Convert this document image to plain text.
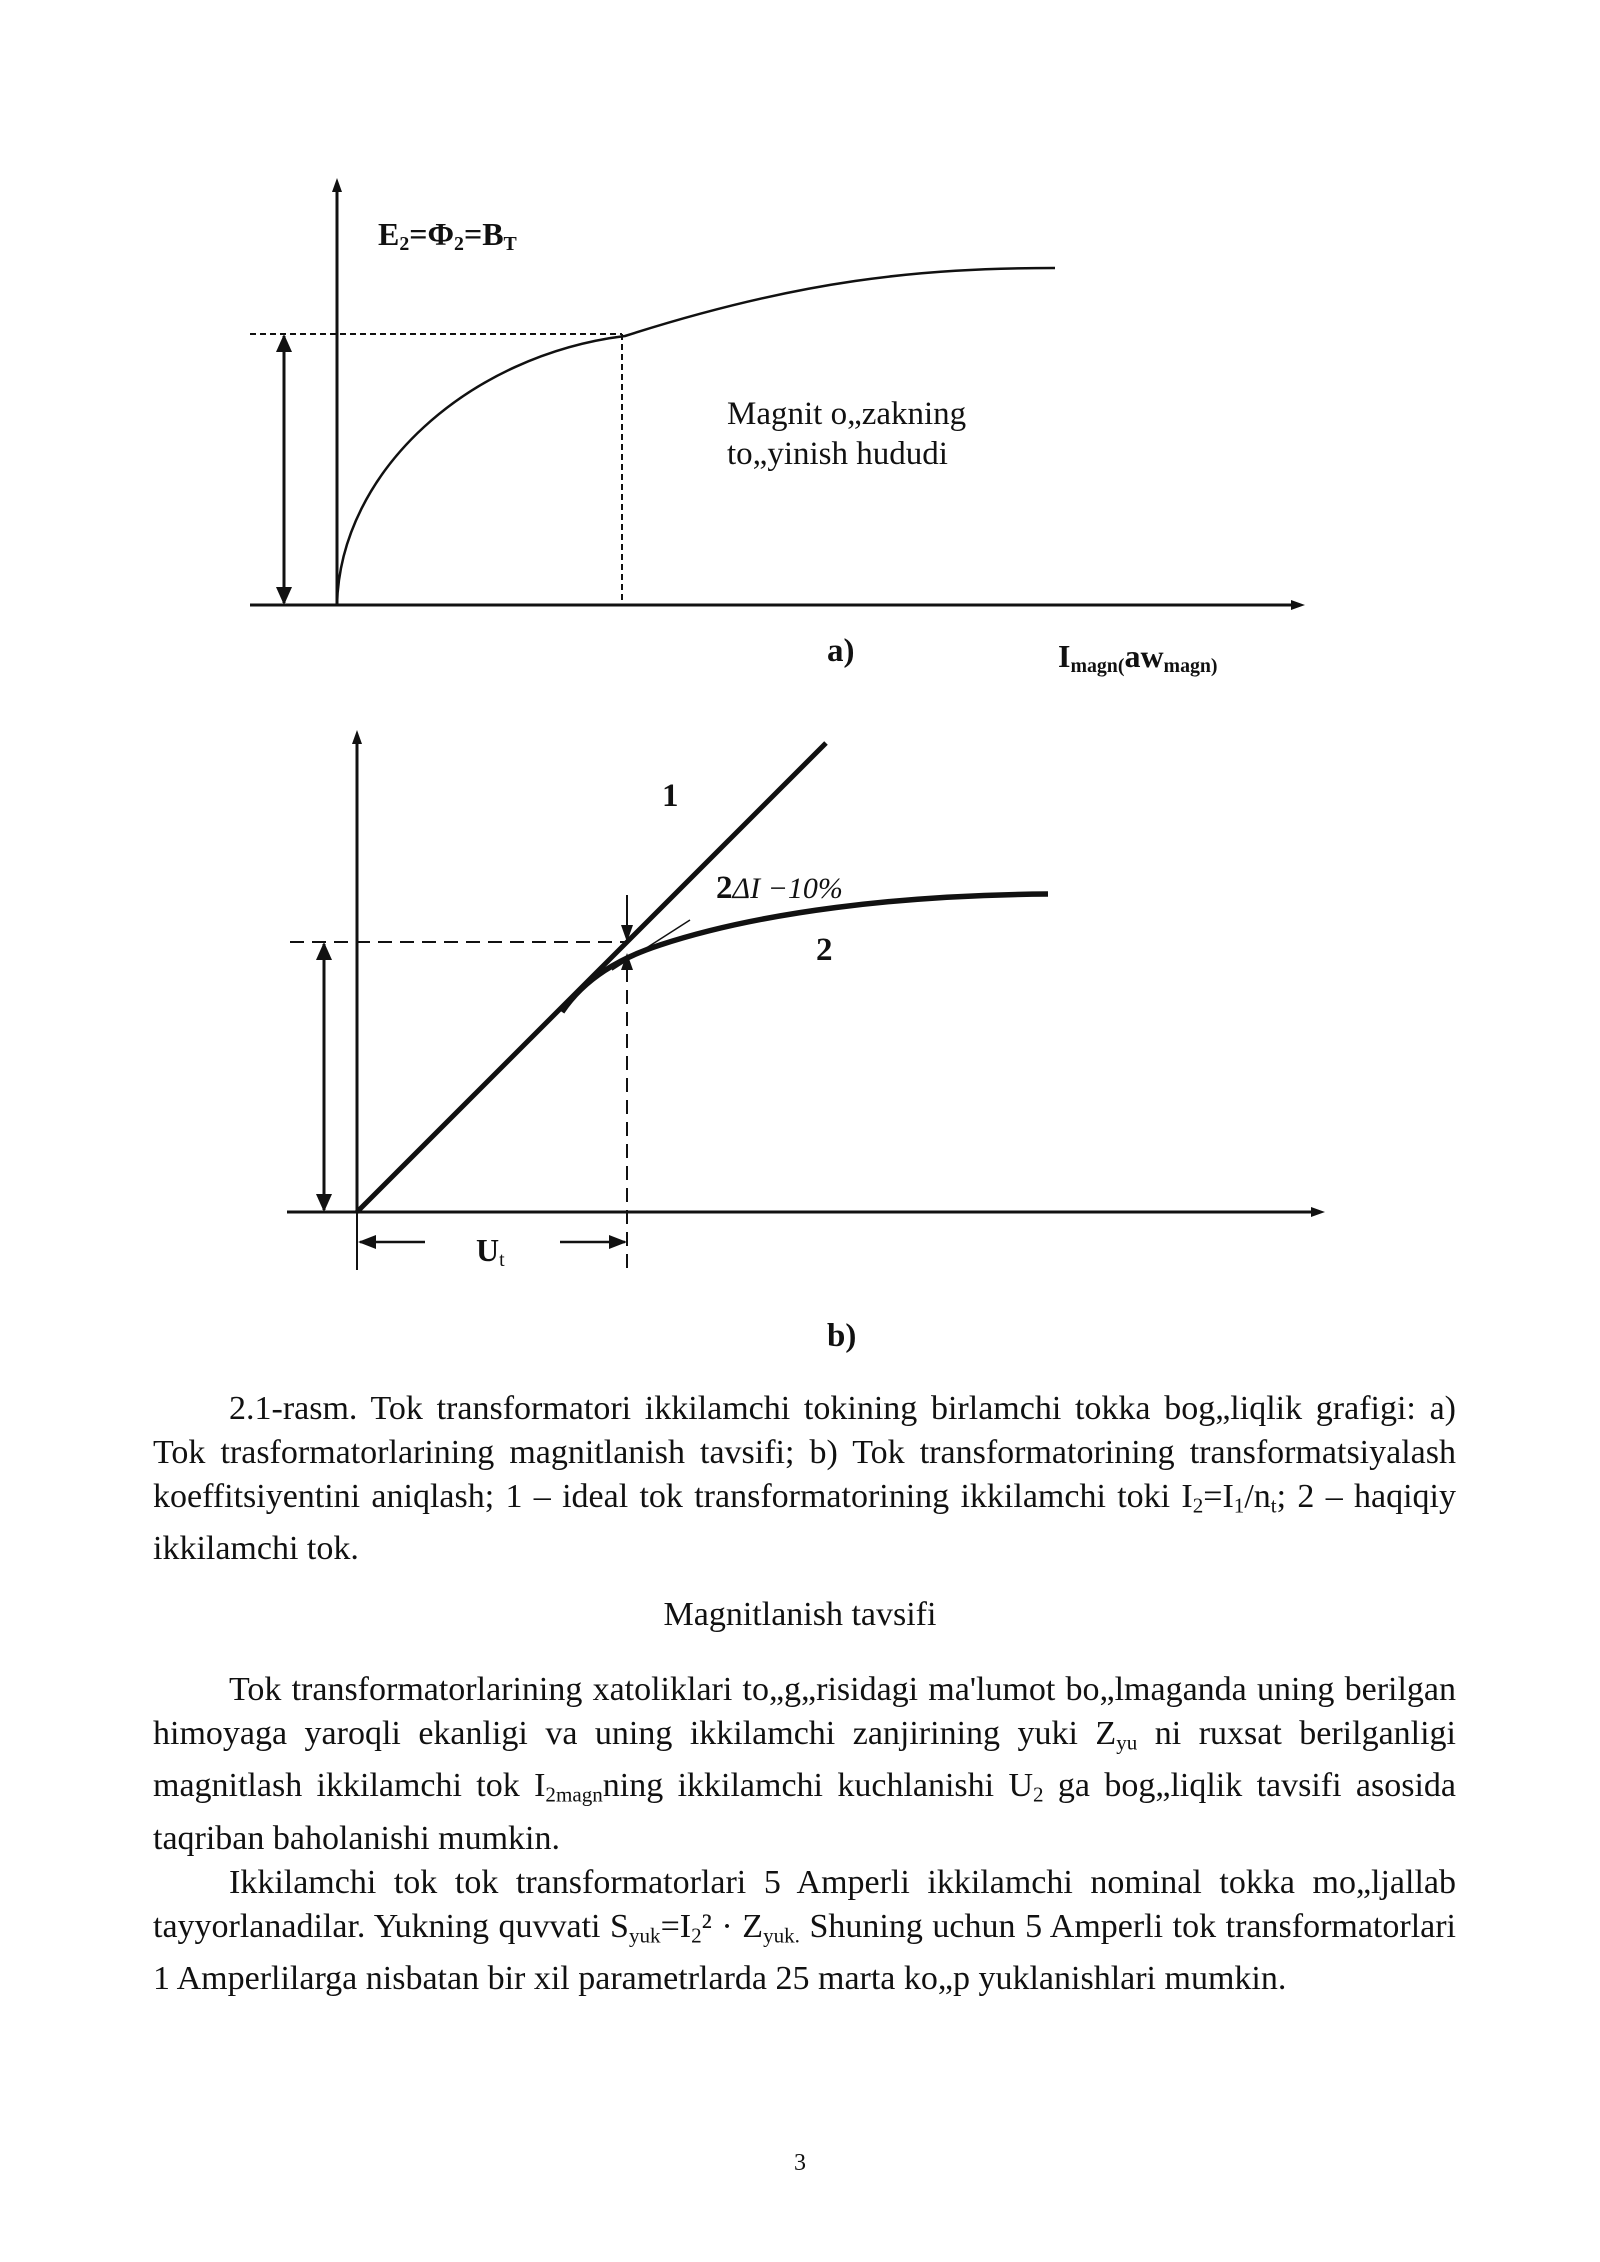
$E_2=\Phi_2=B_T$
Magnit o„zakning
to„yinish hududi
a)	$I_{magn(}aw_{magn)}$
1
2ΔI −10%
2
$U_t$
b)

2.1-rasm. Tok transformatori ikkilamchi tokining birlamchi tokka bog„liqlik grafigi: a) Tok trasformatorlarining magnitlanish tavsifi; b) Tok transformatorining transformatsiyalash koeffitsiyentini aniqlash; 1 – ideal tok transformatorining ikkilamchi toki $I_2=I_1/n_t$; 2 – haqiqiy ikkilamchi tok.

Magnitlanish tavsifi

Tok transformatorlarining xatoliklari to„g„risidagi ma'lumot bo„lmaganda uning berilgan himoyaga yaroqli ekanligi va uning ikkilamchi zanjirining yuki $Z_{yu}$ ni ruxsat berilganligi magnitlash ikkilamchi tok $I_{2magn}ning$ ikkilamchi kuchlanishi $U_2$ ga bog„liqlik tavsifi asosida taqriban baholanishi mumkin.

Ikkilamchi tok tok transformatorlari 5 Amperli ikkilamchi nominal tokka mo„ljallab tayyorlanadilar. Yukning quvvati $S_{yuk}=I_2^2 \cdot Z_{yuk.}$ Shuning uchun 5 Amperli tok transformatorlari 1 Amperlilarga nisbatan bir xil parametrlarda 25 marta ko„p yuklanishlari mumkin.

3
